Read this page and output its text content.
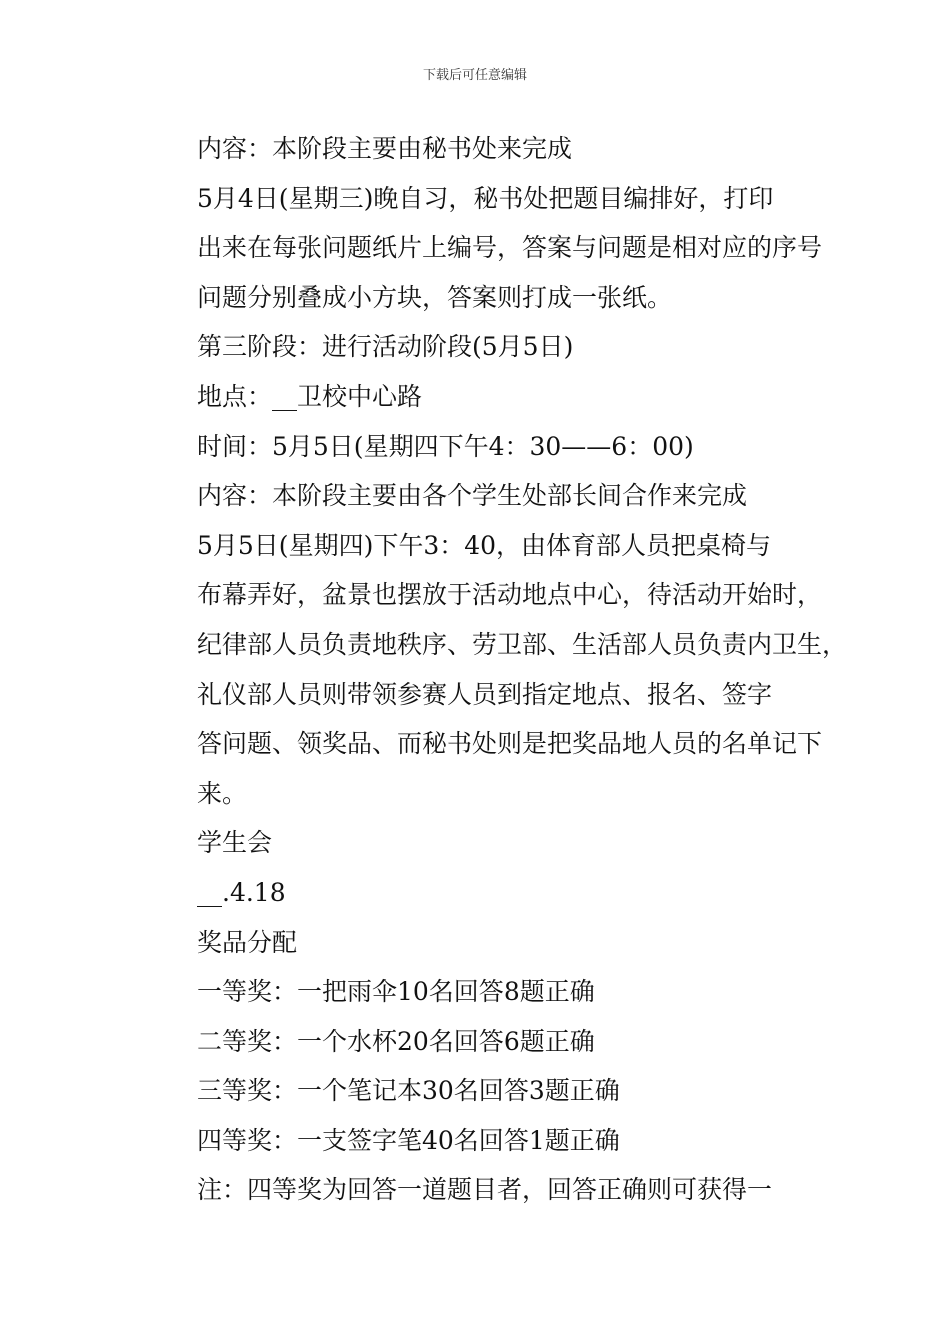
下载后可任意编辑

内容：本阶段主要由秘书处来完成

5月4日(星期三)晚自习，秘书处把题目编排好，打印
出来在每张问题纸片上编号，答案与问题是相对应的序号
问题分别叠成小方块，答案则打成一张纸。

第三阶段：进行活动阶段(5月5日)

地点：__卫校中心路

时间：5月5日(星期四下午4：30——6：00)

内容：本阶段主要由各个学生处部长间合作来完成

5月5日(星期四)下午3：40，由体育部人员把桌椅与
布幕弄好，盆景也摆放于活动地点中心，待活动开始时，
纪律部人员负责地秩序、劳卫部、生活部人员负责内卫生，

礼仪部人员则带领参赛人员到指定地点、报名、签字
答问题、领奖品、而秘书处则是把奖品地人员的名单记下
来。

学生会

__.4.18

奖品分配

一等奖：一把雨伞10名回答8题正确

二等奖：一个水杯20名回答6题正确

三等奖：一个笔记本30名回答3题正确

四等奖：一支签字笔40名回答1题正确

注：四等奖为回答一道题目者，回答正确则可获得一
